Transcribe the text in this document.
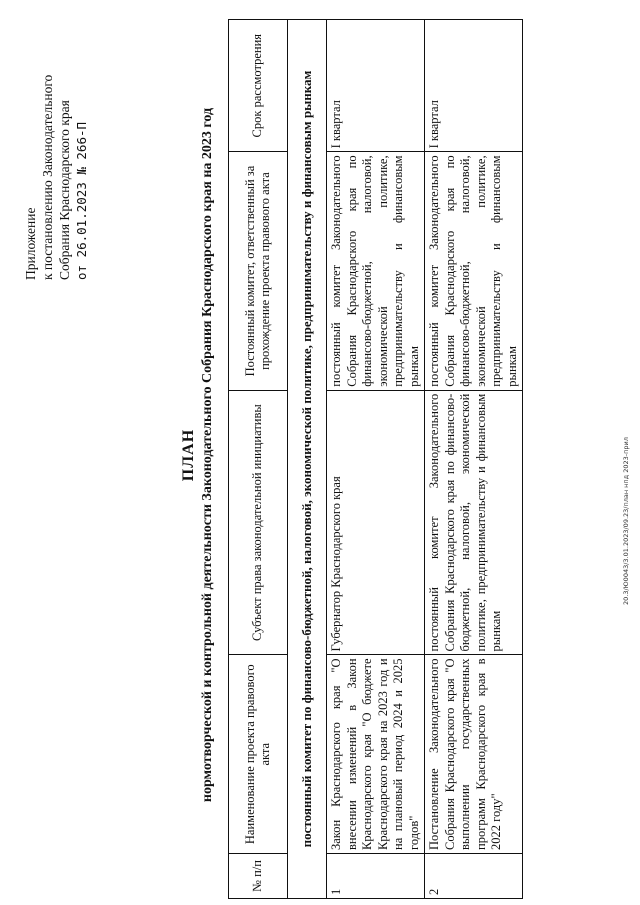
Приложение к постановлению Законодательного Собрания Краснодарского края от 26.01.2023 № 266-П
ПЛАН нормотворческой и контрольной деятельности Законодательного Собрания Краснодарского края на 2023 год
№ п/п	Наименование проекта правового акта	Субъект права законодательной инициативы	Постоянный комитет, ответственный за прохождение проекта правового акта	Срок рассмотрения
постоянный комитет по финансово-бюджетной, налоговой, экономической политике, предпринимательству и финансовым рынкам				
1	Закон Краснодарского края "О внесении изменений в Закон Краснодарского края "О бюджете Краснодарского края на 2023 год и на плановый период 2024 и 2025 годов"	Губернатор Краснодарского края	постоянный комитет Законодательного Собрания Краснодарского края по финансово-бюджетной, налоговой, экономической политике, предпринимательству и финансовым рынкам	I квартал
2	Постановление Законодательного Собрания Краснодарского края "О выполнении государственных программ Краснодарского края в 2022 году"	постоянный комитет Законодательного Собрания Краснодарского края по финансово-бюджетной, налоговой, экономической политике, предпринимательству и финансовым рынкам	постоянный комитет Законодательного Собрания Краснодарского края по финансово-бюджетной, налоговой, экономической политике, предпринимательству и финансовым рынкам	I квартал
20.3/Ю0043/3.01.2023/09.23/план нпд 2023-прил
